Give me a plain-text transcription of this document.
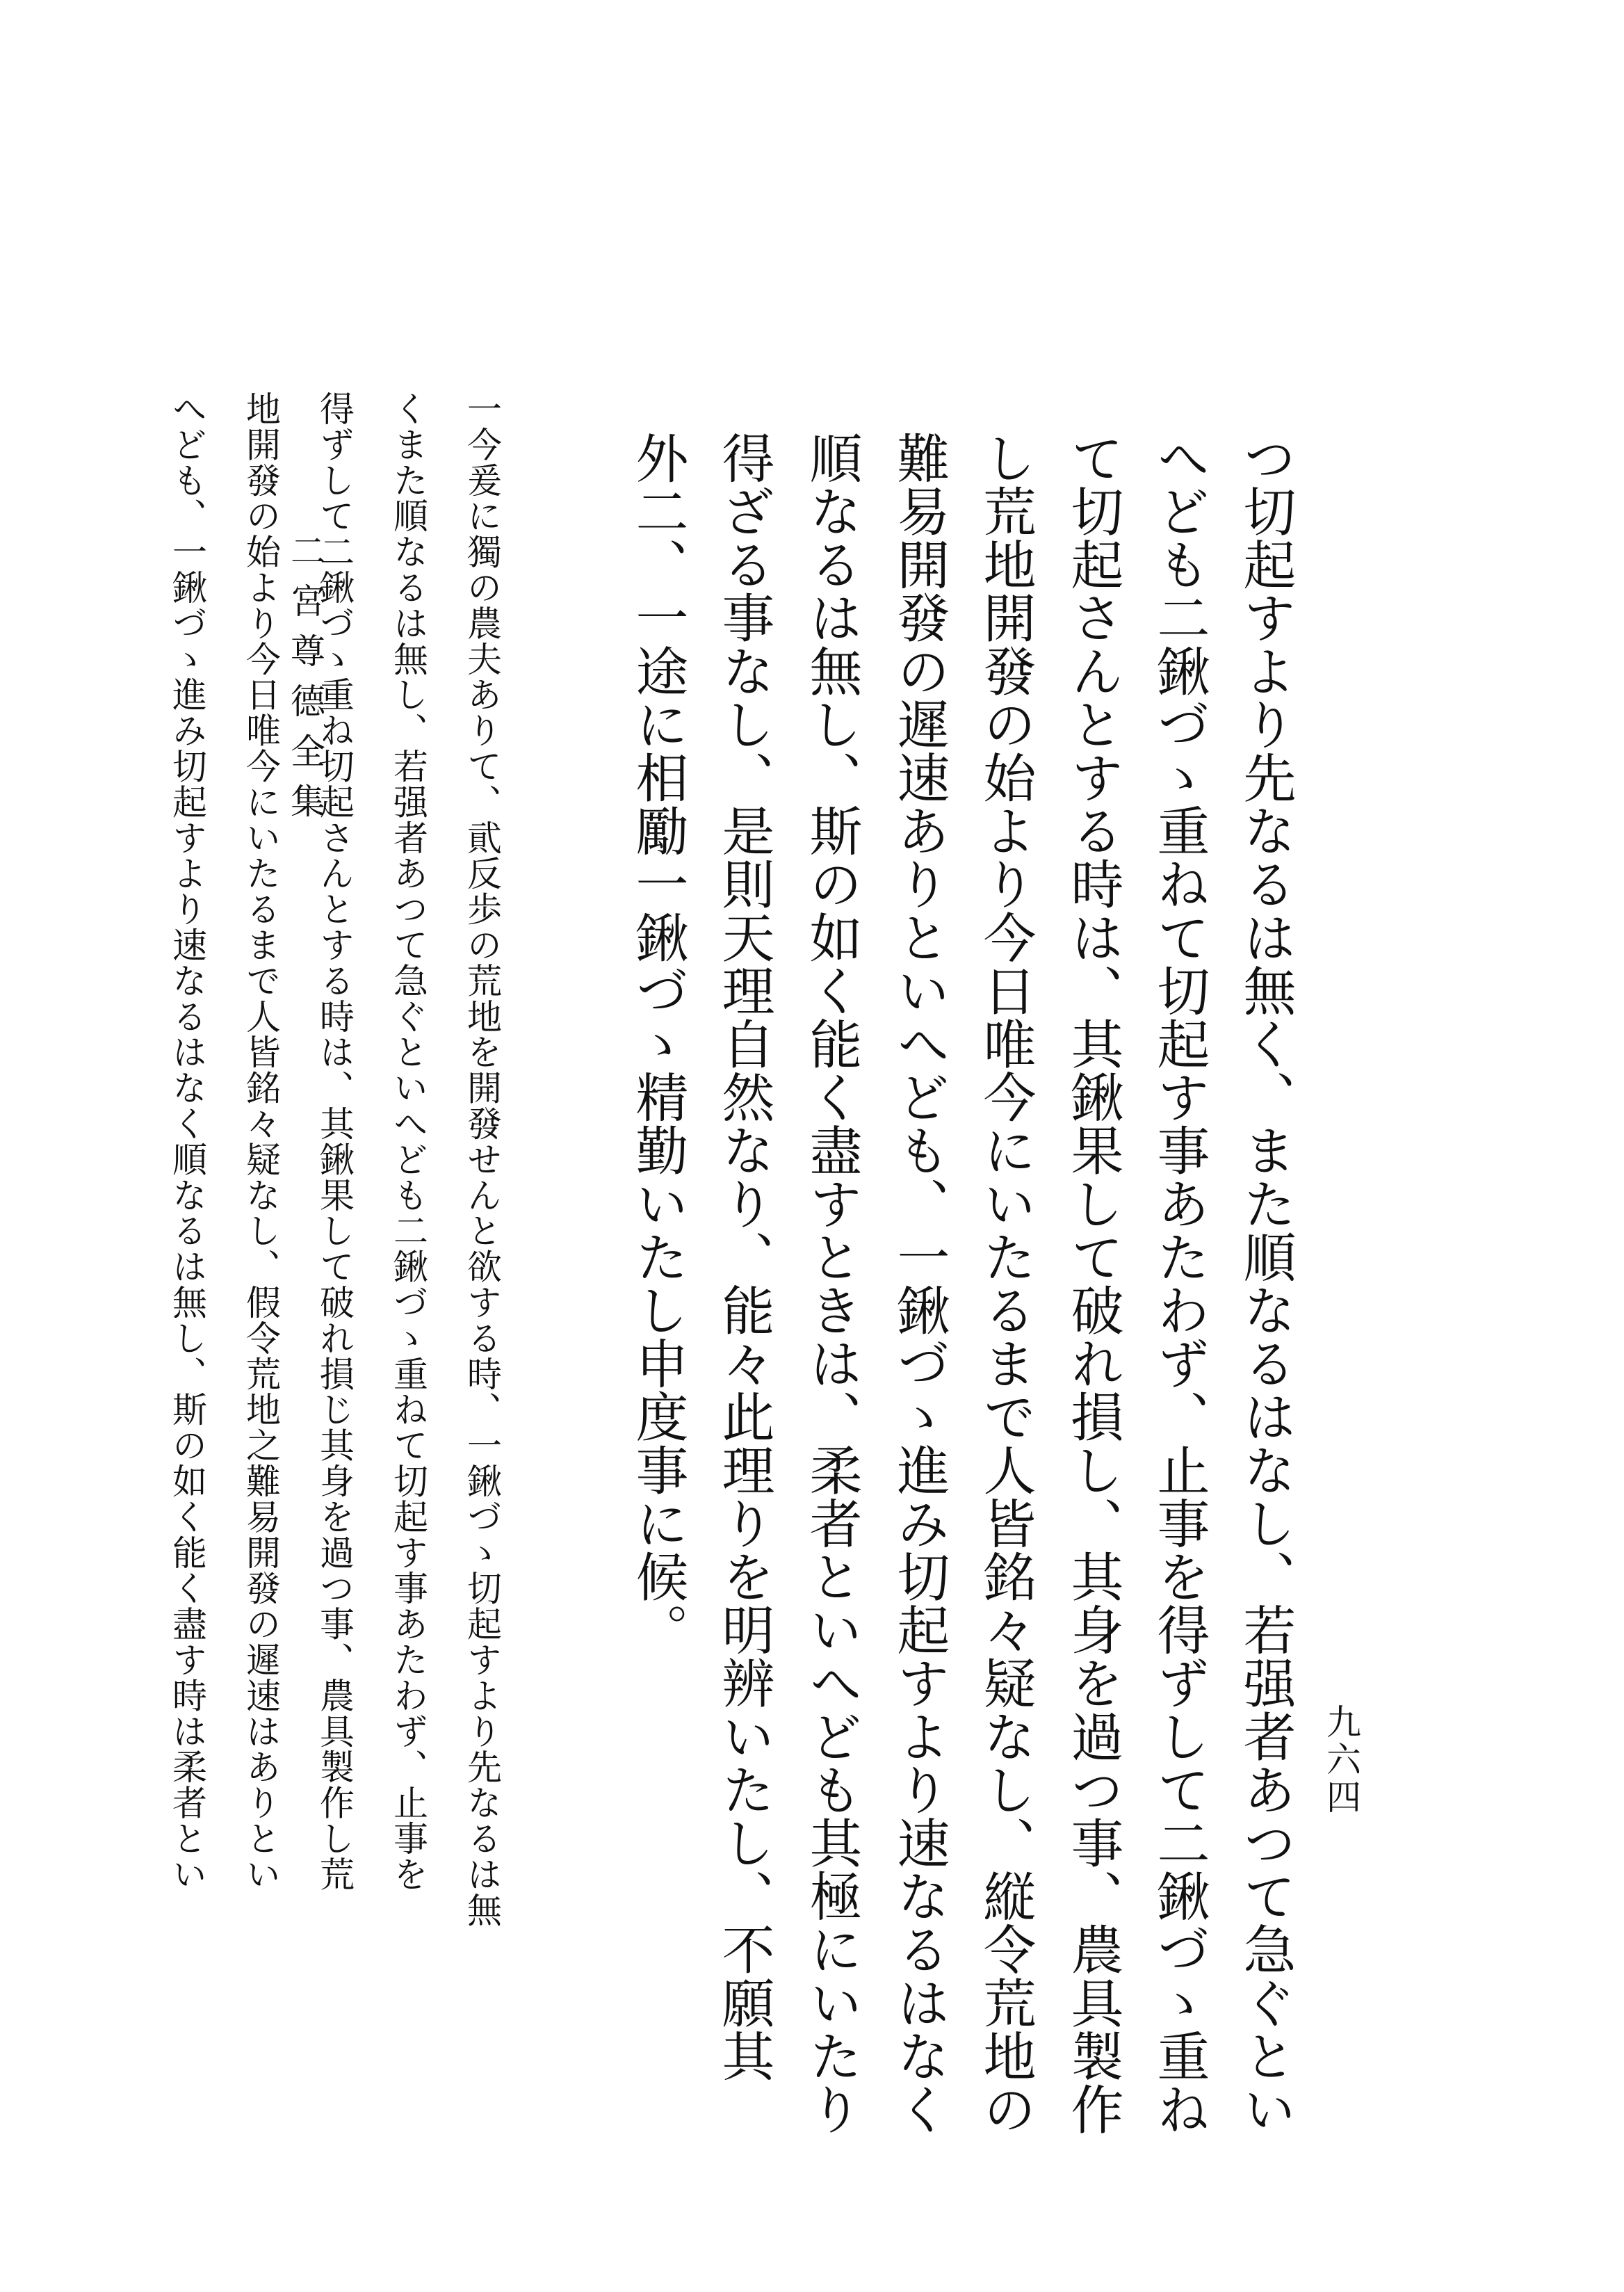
二宮尊德全集
九六四
つ切起すより先なるは無く、また順なるはなし、若强者あつて急ぐとい
へども二鍬づゝ重ねて切起す事あたわず、止事を得ずして二鍬づゝ重ね
て切起さんとする時は、其鍬果して破れ損し、其身を過つ事、農具製作
し荒地開發の始より今日唯今にいたるまで人皆銘々疑なし、縦令荒地の
難易開發の遲速ありといへども、一鍬づゝ進み切起すより速なるはなく
順なるは無し、斯の如く能く盡すときは、柔者といへども其極にいたり
得ざる事なし、是則天理自然なり、能々此理りを明辨いたし、不願其
外二、一途に相勵一鍬づゝ精勤いたし申度事に候。
一今爰に獨の農夫ありて、貮反歩の荒地を開發せんと欲する時、一鍬づゝ切起すより先なるは無
くまた順なるは無し、若强者あつて急ぐといへども二鍬づゝ重ねて切起す事あたわず、止事を
得ずして二鍬づゝ重ね切起さんとする時は、其鍬果して破れ損じ其身を過つ事、農具製作し荒
地開發の始より今日唯今にいたるまで人皆銘々疑なし、假令荒地之難易開發の遲速はありとい
へども、一鍬づゝ進み切起すより速なるはなく順なるは無し、斯の如く能く盡す時は柔者とい
